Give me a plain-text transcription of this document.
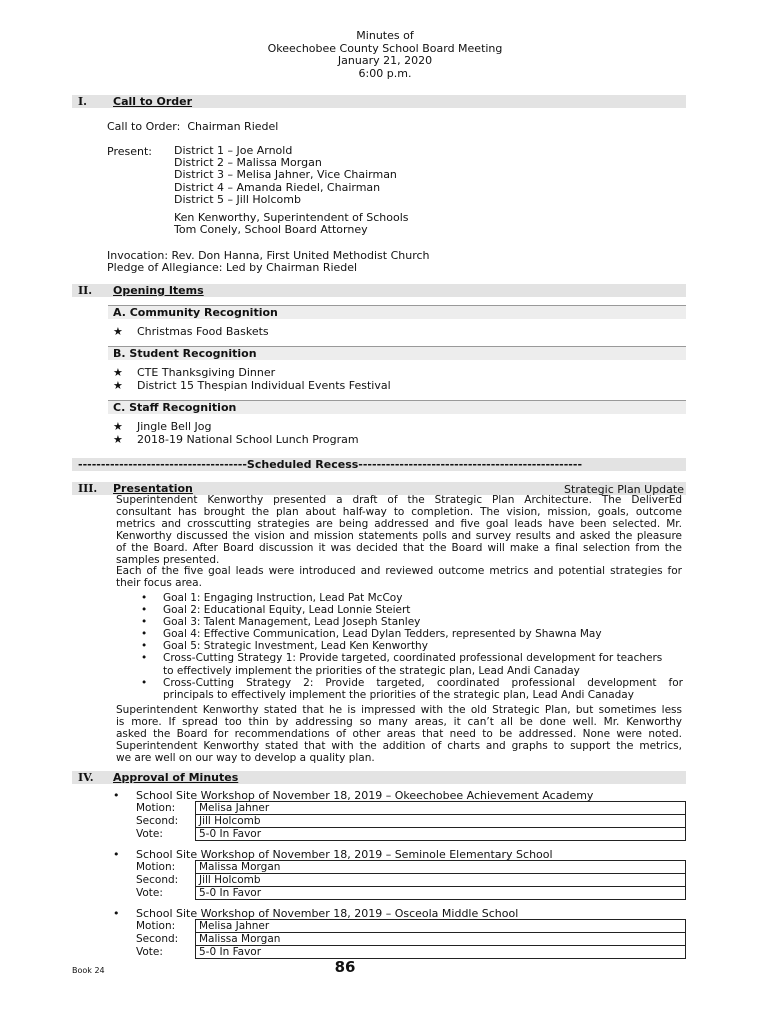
Minutes of
Okeechobee County School Board Meeting
January 21, 2020
6:00 p.m.
I. Call to Order
Call to Order: Chairman Riedel
Present: District 1 – Joe Arnold
District 2 – Malissa Morgan
District 3 – Melisa Jahner, Vice Chairman
District 4 – Amanda Riedel, Chairman
District 5 – Jill Holcomb
Ken Kenworthy, Superintendent of Schools
Tom Conely, School Board Attorney
Invocation: Rev. Don Hanna, First United Methodist Church
Pledge of Allegiance: Led by Chairman Riedel
II. Opening Items
A. Community Recognition
★ Christmas Food Baskets
B. Student Recognition
★ CTE Thanksgiving Dinner
★ District 15 Thespian Individual Events Festival
C. Staff Recognition
★ Jingle Bell Jog
★ 2018-19 National School Lunch Program
-------------------------------------Scheduled Recess-------------------------------------------------
III. Presentation	Strategic Plan Update
Superintendent Kenworthy presented a draft of the Strategic Plan Architecture. The DeliverEd
consultant has brought the plan about half-way to completion. The vision, mission, goals, outcome
metrics and crosscutting strategies are being addressed and five goal leads have been selected. Mr.
Kenworthy discussed the vision and mission statements polls and survey results and asked the pleasure
of the Board. After Board discussion it was decided that the Board will make a final selection from the
samples presented.
Each of the five goal leads were introduced and reviewed outcome metrics and potential strategies for
their focus area.
• Goal 1: Engaging Instruction, Lead Pat McCoy
• Goal 2: Educational Equity, Lead Lonnie Steiert
• Goal 3: Talent Management, Lead Joseph Stanley
• Goal 4: Effective Communication, Lead Dylan Tedders, represented by Shawna May
• Goal 5: Strategic Investment, Lead Ken Kenworthy
• Cross-Cutting Strategy 1: Provide targeted, coordinated professional development for teachers
to effectively implement the priorities of the strategic plan, Lead Andi Canaday
• Cross-Cutting Strategy 2: Provide targeted, coordinated professional development for
principals to effectively implement the priorities of the strategic plan, Lead Andi Canaday
Superintendent Kenworthy stated that he is impressed with the old Strategic Plan, but sometimes less
is more. If spread too thin by addressing so many areas, it can’t all be done well. Mr. Kenworthy
asked the Board for recommendations of other areas that need to be addressed. None were noted.
Superintendent Kenworthy stated that with the addition of charts and graphs to support the metrics,
we are well on our way to develop a quality plan.
IV. Approval of Minutes
• School Site Workshop of November 18, 2019 – Okeechobee Achievement Academy
Motion:	Melisa Jahner
Second:	Jill Holcomb
Vote:	5-0 In Favor
• School Site Workshop of November 18, 2019 – Seminole Elementary School
Motion:	Malissa Morgan
Second:	Jill Holcomb
Vote:	5-0 In Favor
• School Site Workshop of November 18, 2019 – Osceola Middle School
Motion:	Melisa Jahner
Second:	Malissa Morgan
Vote:	5-0 In Favor
Book 24	86
